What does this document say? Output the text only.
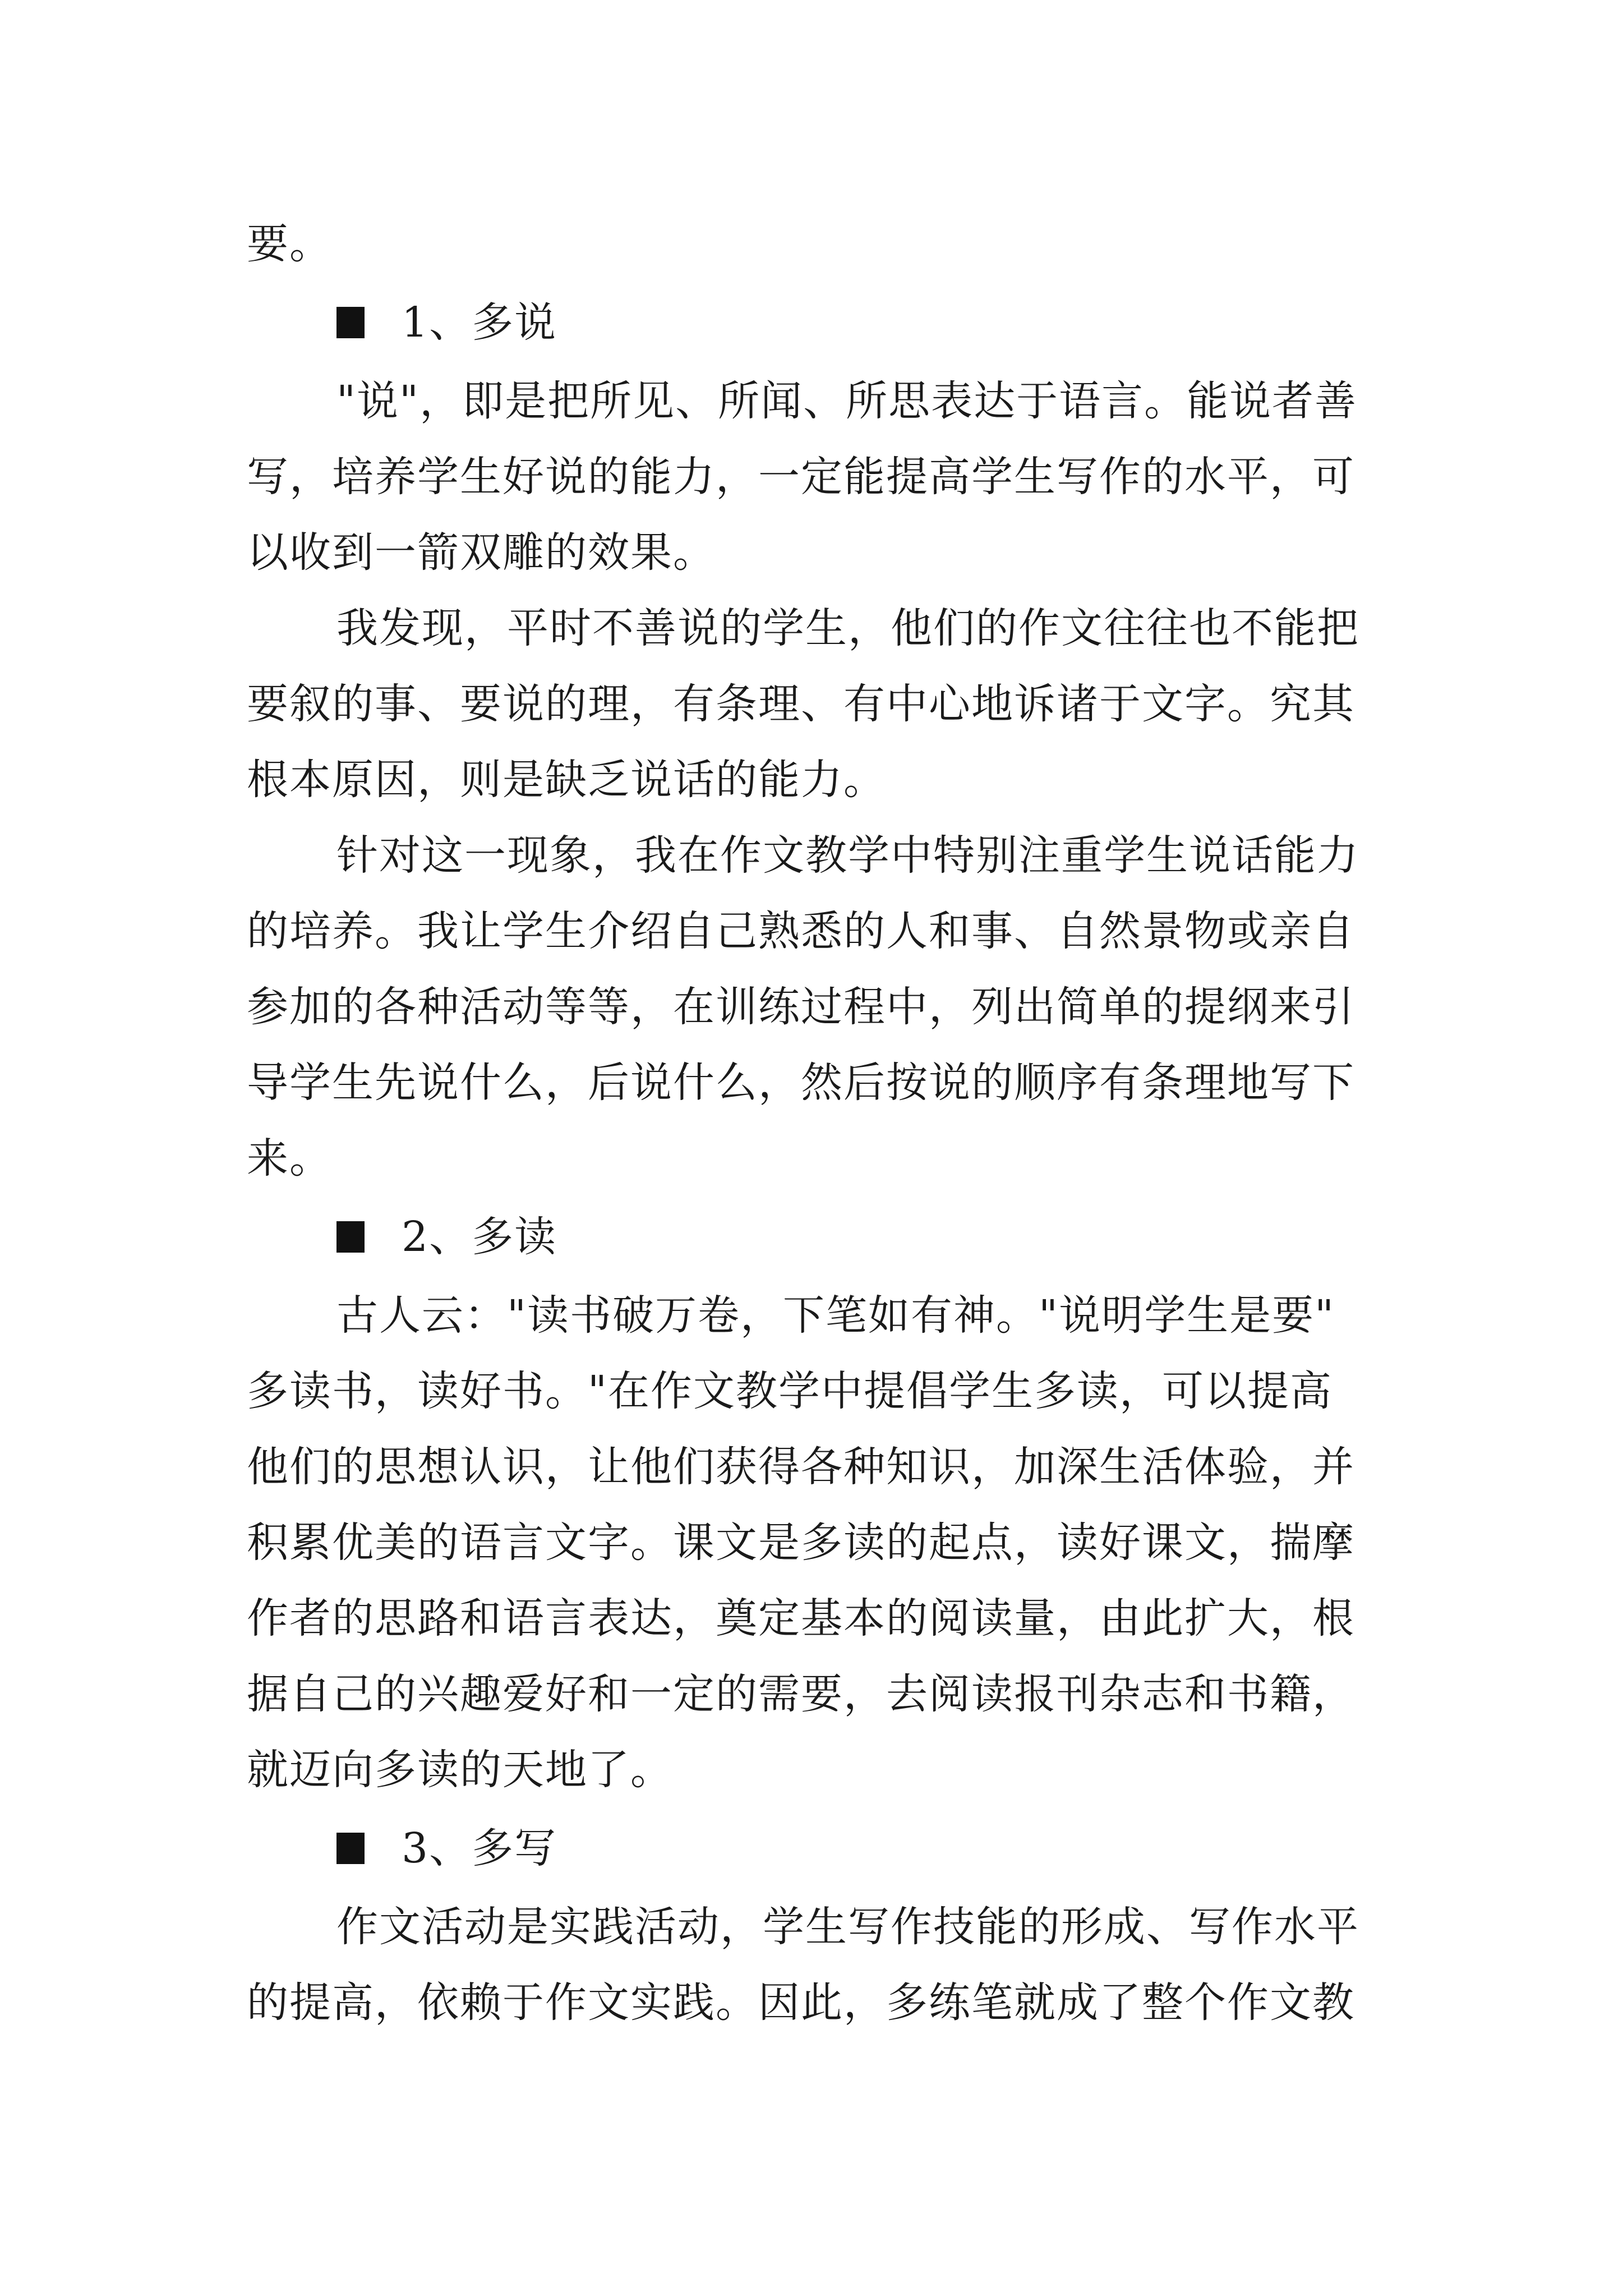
要。
1、多说
"说"，即是把所见、所闻、所思表达于语言。能说者善
写，培养学生好说的能力，一定能提高学生写作的水平，可
以收到一箭双雕的效果。
我发现，平时不善说的学生，他们的作文往往也不能把
要叙的事、要说的理，有条理、有中心地诉诸于文字。究其
根本原因，则是缺乏说话的能力。
针对这一现象，我在作文教学中特别注重学生说话能力
的培养。我让学生介绍自己熟悉的人和事、自然景物或亲自
参加的各种活动等等，在训练过程中，列出简单的提纲来引
导学生先说什么，后说什么，然后按说的顺序有条理地写下
来。
2、多读
古人云："读书破万卷，下笔如有神。"说明学生是要"
多读书，读好书。"在作文教学中提倡学生多读，可以提高
他们的思想认识，让他们获得各种知识，加深生活体验，并
积累优美的语言文字。课文是多读的起点，读好课文，揣摩
作者的思路和语言表达，奠定基本的阅读量，由此扩大，根
据自己的兴趣爱好和一定的需要，去阅读报刊杂志和书籍，
就迈向多读的天地了。
3、多写
作文活动是实践活动，学生写作技能的形成、写作水平
的提高，依赖于作文实践。因此，多练笔就成了整个作文教
